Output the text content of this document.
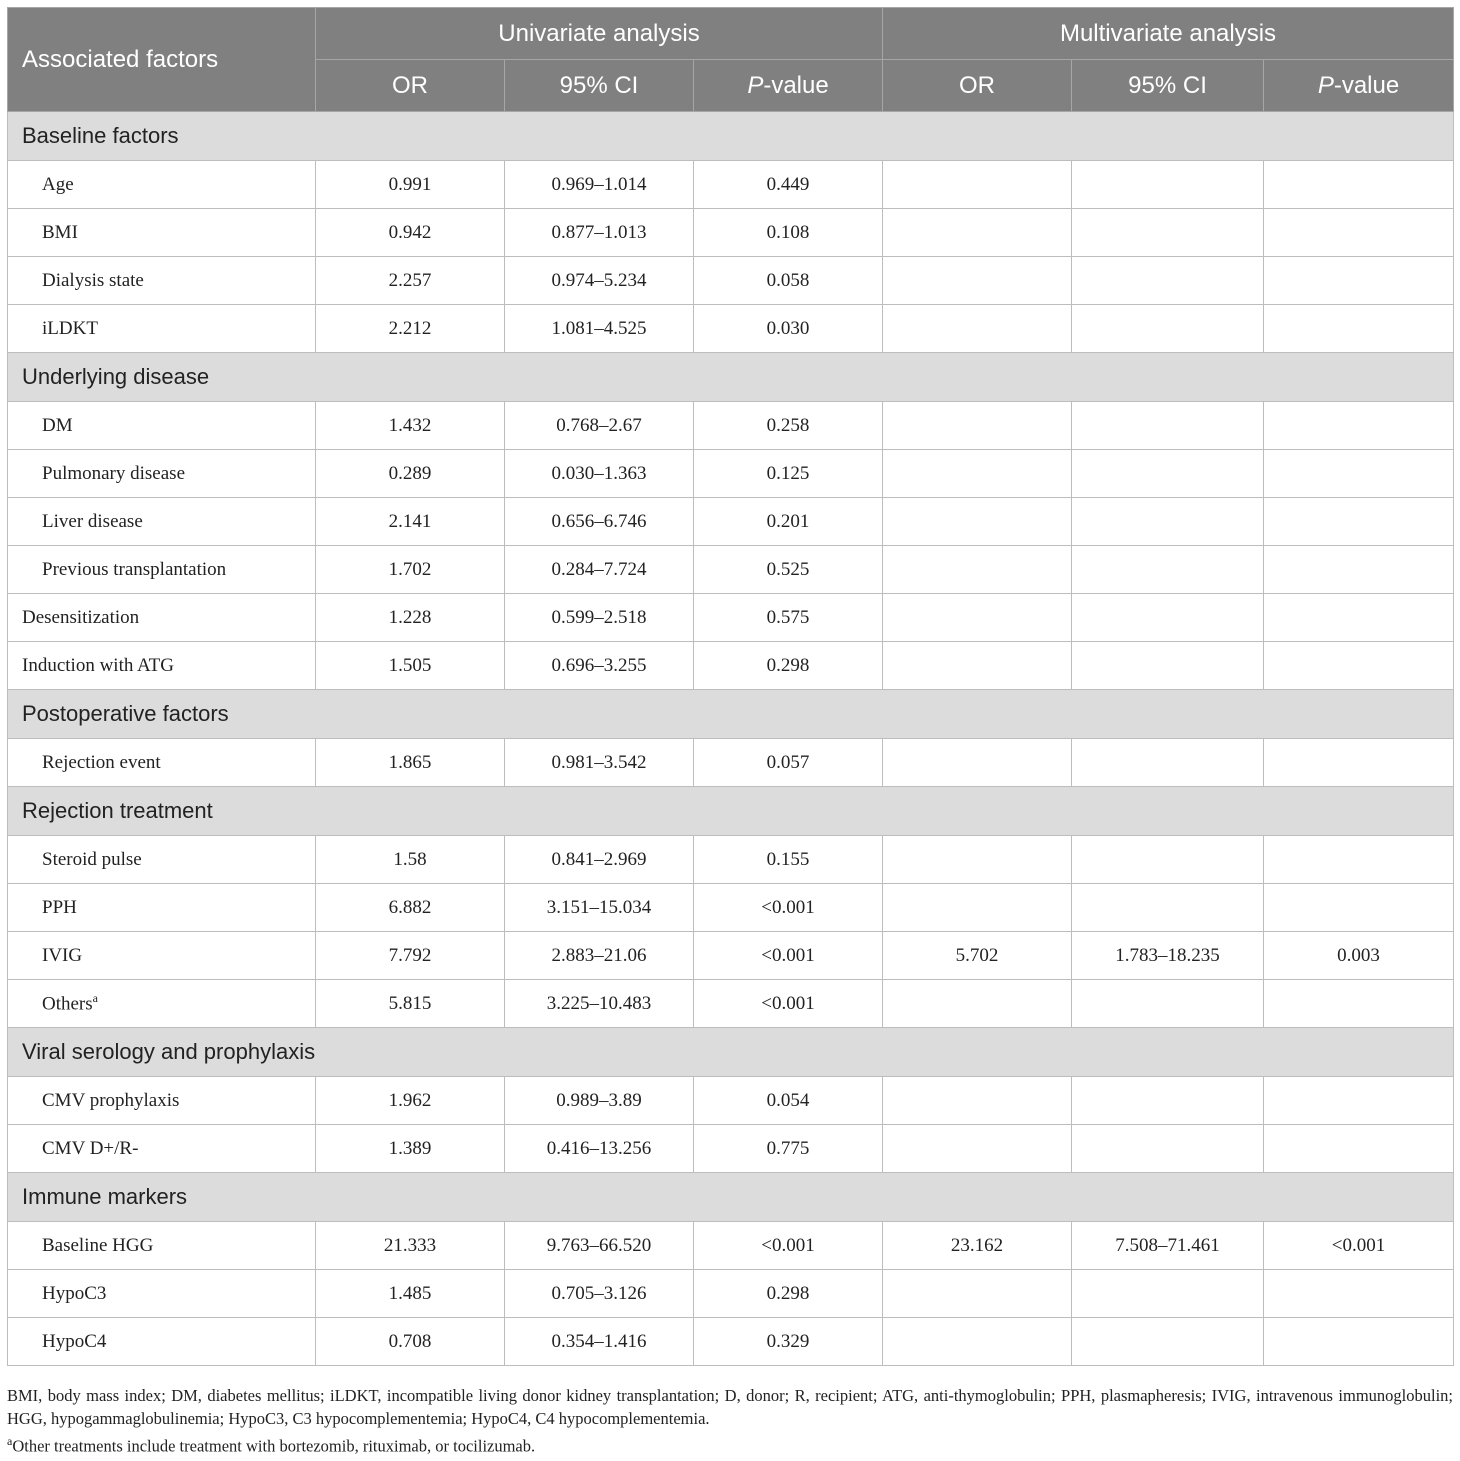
Associated factors	Univariate analysis			Multivariate analysis		
	OR	95% CI	P-value	OR	95% CI	P-value
Baseline factors						
Age	0.991	0.969–1.014	0.449			
BMI	0.942	0.877–1.013	0.108			
Dialysis state	2.257	0.974–5.234	0.058			
iLDKT	2.212	1.081–4.525	0.030			
Underlying disease						
DM	1.432	0.768–2.67	0.258			
Pulmonary disease	0.289	0.030–1.363	0.125			
Liver disease	2.141	0.656–6.746	0.201			
Previous transplantation	1.702	0.284–7.724	0.525			
Desensitization	1.228	0.599–2.518	0.575			
Induction with ATG	1.505	0.696–3.255	0.298			
Postoperative factors						
Rejection event	1.865	0.981–3.542	0.057			
Rejection treatment						
Steroid pulse	1.58	0.841–2.969	0.155			
PPH	6.882	3.151–15.034	<0.001			
IVIG	7.792	2.883–21.06	<0.001	5.702	1.783–18.235	0.003
Others$^a$	5.815	3.225–10.483	<0.001			
Viral serology and prophylaxis						
CMV prophylaxis	1.962	0.989–3.89	0.054			
CMV D+/R-	1.389	0.416–13.256	0.775			
Immune markers						
Baseline HGG	21.333	9.763–66.520	<0.001	23.162	7.508–71.461	<0.001
HypoC3	1.485	0.705–3.126	0.298			
HypoC4	0.708	0.354–1.416	0.329			

BMI, body mass index; DM, diabetes mellitus; iLDKT, incompatible living donor kidney transplantation; D, donor; R, recipient; ATG, anti-thymoglobulin; PPH, plasmapheresis; IVIG, intravenous immunoglobulin; HGG, hypogammaglobulinemia; HypoC3, C3 hypocomplementemia; HypoC4, C4 hypocomplementemia.

$^a$Other treatments include treatment with bortezomib, rituximab, or tocilizumab.
